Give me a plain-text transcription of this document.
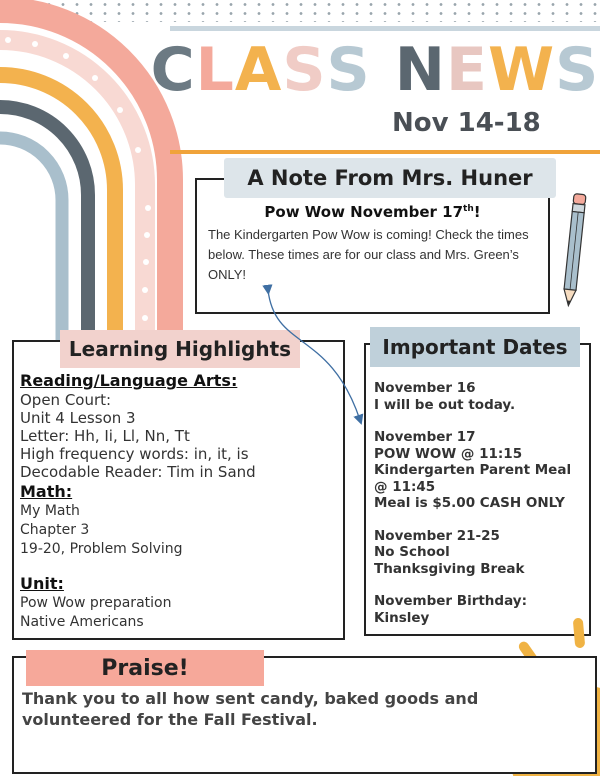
C L A S S N E W S
Nov 14-18
A Note From Mrs. Huner
Pow Wow November 17th!
The Kindergarten Pow Wow is coming! Check the times below. These times are for our class and Mrs. Green’s ONLY!
Learning Highlights
Reading/Language Arts:
Open Court:
Unit 4 Lesson 3
Letter: Hh, Ii, Ll, Nn, Tt
High frequency words: in, it, is
Decodable Reader: Tim in Sand
Math:
My Math
Chapter 3
19-20, Problem Solving
Unit:
Pow Wow preparation
Native Americans
Important Dates
November 16
I will be out today.
November 17
POW WOW @ 11:15
Kindergarten Parent Meal @ 11:45
Meal is $5.00 CASH ONLY
November 21-25
No School
Thanksgiving Break
November Birthday:
Kinsley
Praise!
Thank you to all how sent candy, baked goods and volunteered for the Fall Festival.
